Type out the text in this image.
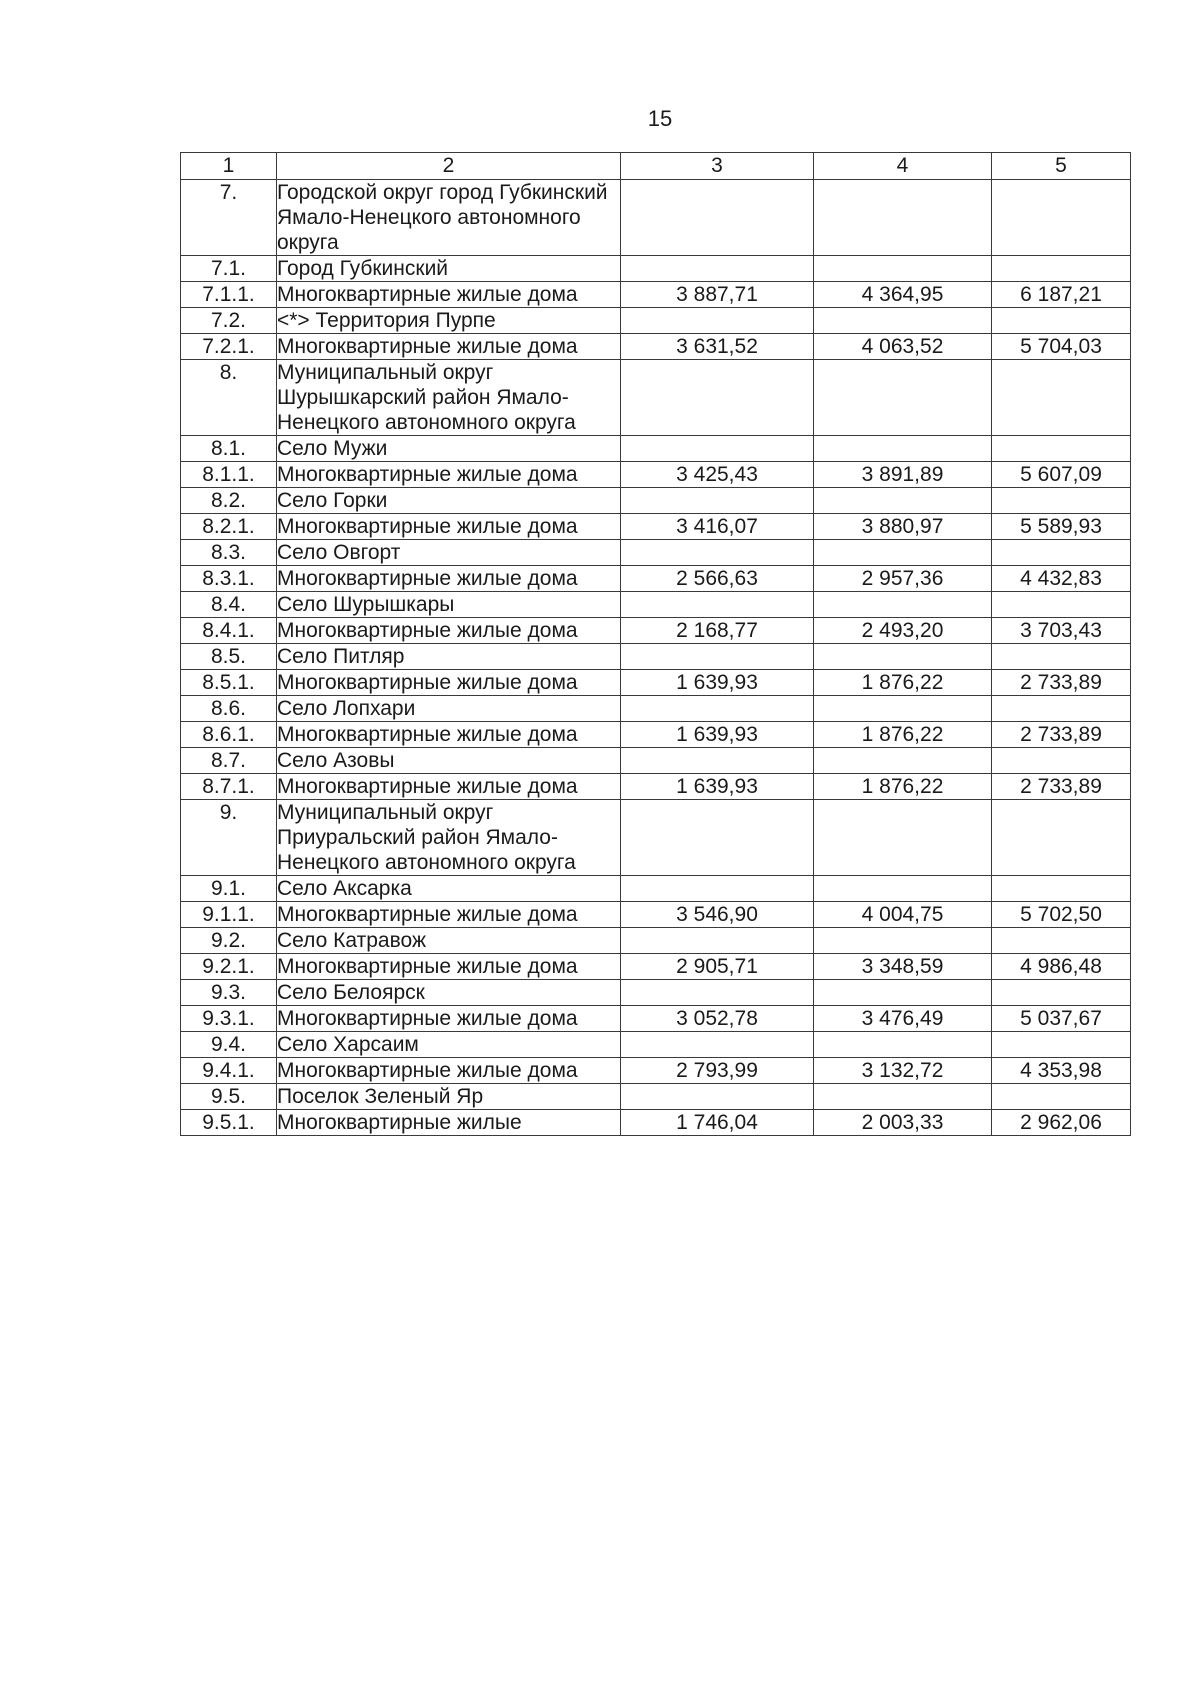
15
1	2	3	4	5
7.	Городской округ город Губкинский Ямало-Ненецкого автономного округа			
7.1.	Город Губкинский			
7.1.1.	Многоквартирные жилые дома	3 887,71	4 364,95	6 187,21
7.2.	<*> Территория Пурпе			
7.2.1.	Многоквартирные жилые дома	3 631,52	4 063,52	5 704,03
8.	Муниципальный округ Шурышкарский район Ямало-Ненецкого автономного округа			
8.1.	Село Мужи			
8.1.1.	Многоквартирные жилые дома	3 425,43	3 891,89	5 607,09
8.2.	Село Горки			
8.2.1.	Многоквартирные жилые дома	3 416,07	3 880,97	5 589,93
8.3.	Село Овгорт			
8.3.1.	Многоквартирные жилые дома	2 566,63	2 957,36	4 432,83
8.4.	Село Шурышкары			
8.4.1.	Многоквартирные жилые дома	2 168,77	2 493,20	3 703,43
8.5.	Село Питляр			
8.5.1.	Многоквартирные жилые дома	1 639,93	1 876,22	2 733,89
8.6.	Село Лопхари			
8.6.1.	Многоквартирные жилые дома	1 639,93	1 876,22	2 733,89
8.7.	Село Азовы			
8.7.1.	Многоквартирные жилые дома	1 639,93	1 876,22	2 733,89
9.	Муниципальный округ Приуральский район Ямало-Ненецкого автономного округа			
9.1.	Село Аксарка			
9.1.1.	Многоквартирные жилые дома	3 546,90	4 004,75	5 702,50
9.2.	Село Катравож			
9.2.1.	Многоквартирные жилые дома	2 905,71	3 348,59	4 986,48
9.3.	Село Белоярск			
9.3.1.	Многоквартирные жилые дома	3 052,78	3 476,49	5 037,67
9.4.	Село Харсаим			
9.4.1.	Многоквартирные жилые дома	2 793,99	3 132,72	4 353,98
9.5.	Поселок Зеленый Яр			
9.5.1.	Многоквартирные жилые	1 746,04	2 003,33	2 962,06
